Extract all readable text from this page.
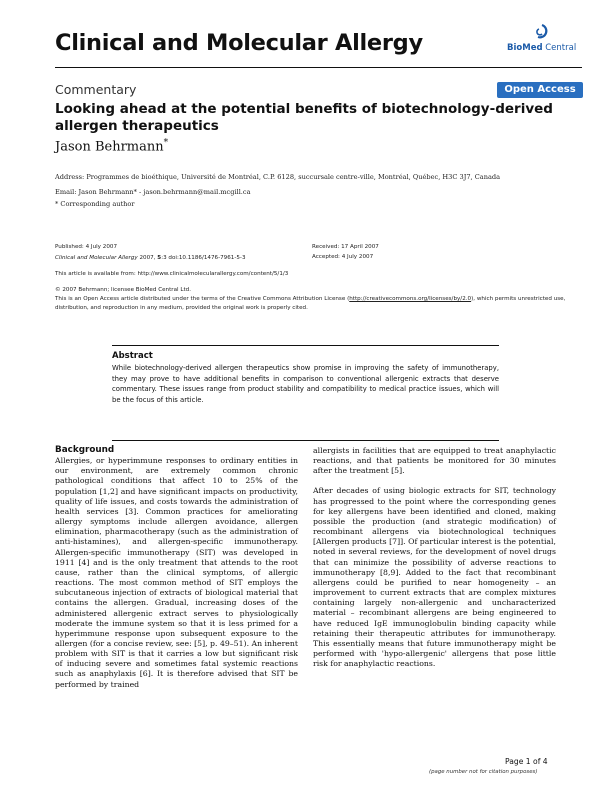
Clinical and Molecular Allergy	BioMed Central
Commentary	Open Access
Looking ahead at the potential benefits of biotechnology-derived allergen therapeutics
Jason Behrmann*

Address: Programmes de bioéthique, Université de Montréal, C.P. 6128, succursale centre-ville, Montréal, Québec, H3C 3J7, Canada

Email: Jason Behrmann* - jason.behrmann@mail.mcgill.ca

* Corresponding author

Published: 4 July 2007
Clinical and Molecular Allergy 2007, 5:3 doi:10.1186/1476-7961-5-3
Received: 17 April 2007
Accepted: 4 July 2007
This article is available from: http://www.clinicalmolecularallergy.com/content/5/1/3
© 2007 Behrmann; licensee BioMed Central Ltd.
This is an Open Access article distributed under the terms of the Creative Commons Attribution License (http://creativecommons.org/licenses/by/2.0), which permits unrestricted use, distribution, and reproduction in any medium, provided the original work is properly cited.
Abstract
While biotechnology-derived allergen therapeutics show promise in improving the safety of immunotherapy, they may prove to have additional benefits in comparison to conventional allergenic extracts that deserve commentary. These issues range from product stability and compatibility to medical practice issues, which will be the focus of this article.
Background

Allergies, or hyperimmune responses to ordinary entities in our environment, are extremely common chronic pathological conditions that affect 10 to 25% of the population [1,2] and have significant impacts on productivity, quality of life issues, and costs towards the administration of health services [3]. Common practices for ameliorating allergy symptoms include allergen avoidance, allergen elimination, pharmacotherapy (such as the administration of anti-histamines), and allergen-specific immunotherapy. Allergen-specific immunotherapy (SIT) was developed in 1911 [4] and is the only treatment that attends to the root cause, rather than the clinical symptoms, of allergic reactions. The most common method of SIT employs the subcutaneous injection of extracts of biological material that contains the allergen. Gradual, increasing doses of the administered allergenic extract serves to physiologically moderate the immune system so that it is less primed for a hyperimmune response upon subsequent exposure to the allergen (for a concise review, see: [5], p. 49–51). An inherent problem with SIT is that it carries a low but significant risk of inducing severe and sometimes fatal systemic reactions such as anaphylaxis [6]. It is therefore advised that SIT be performed by trained

allergists in facilities that are equipped to treat anaphylactic reactions, and that patients be monitored for 30 minutes after the treatment [5].

After decades of using biologic extracts for SIT, technology has progressed to the point where the corresponding genes for key allergens have been identified and cloned, making possible the production (and strategic modification) of recombinant allergens via biotechnological techniques [Allergen products [7]]. Of particular interest is the potential, noted in several reviews, for the development of novel drugs that can minimize the possibility of adverse reactions to immunotherapy [8,9]. Added to the fact that recombinant allergens could be purified to near homogeneity – an improvement to current extracts that are complex mixtures containing largely non-allergenic and uncharacterized material – recombinant allergens are being engineered to have reduced IgE immunoglobulin binding capacity while retaining their therapeutic attributes for immunotherapy. This essentially means that future immunotherapy might be performed with 'hypo-allergenic' allergens that pose little risk for anaphylactic reactions.

Page 1 of 4
(page number not for citation purposes)
